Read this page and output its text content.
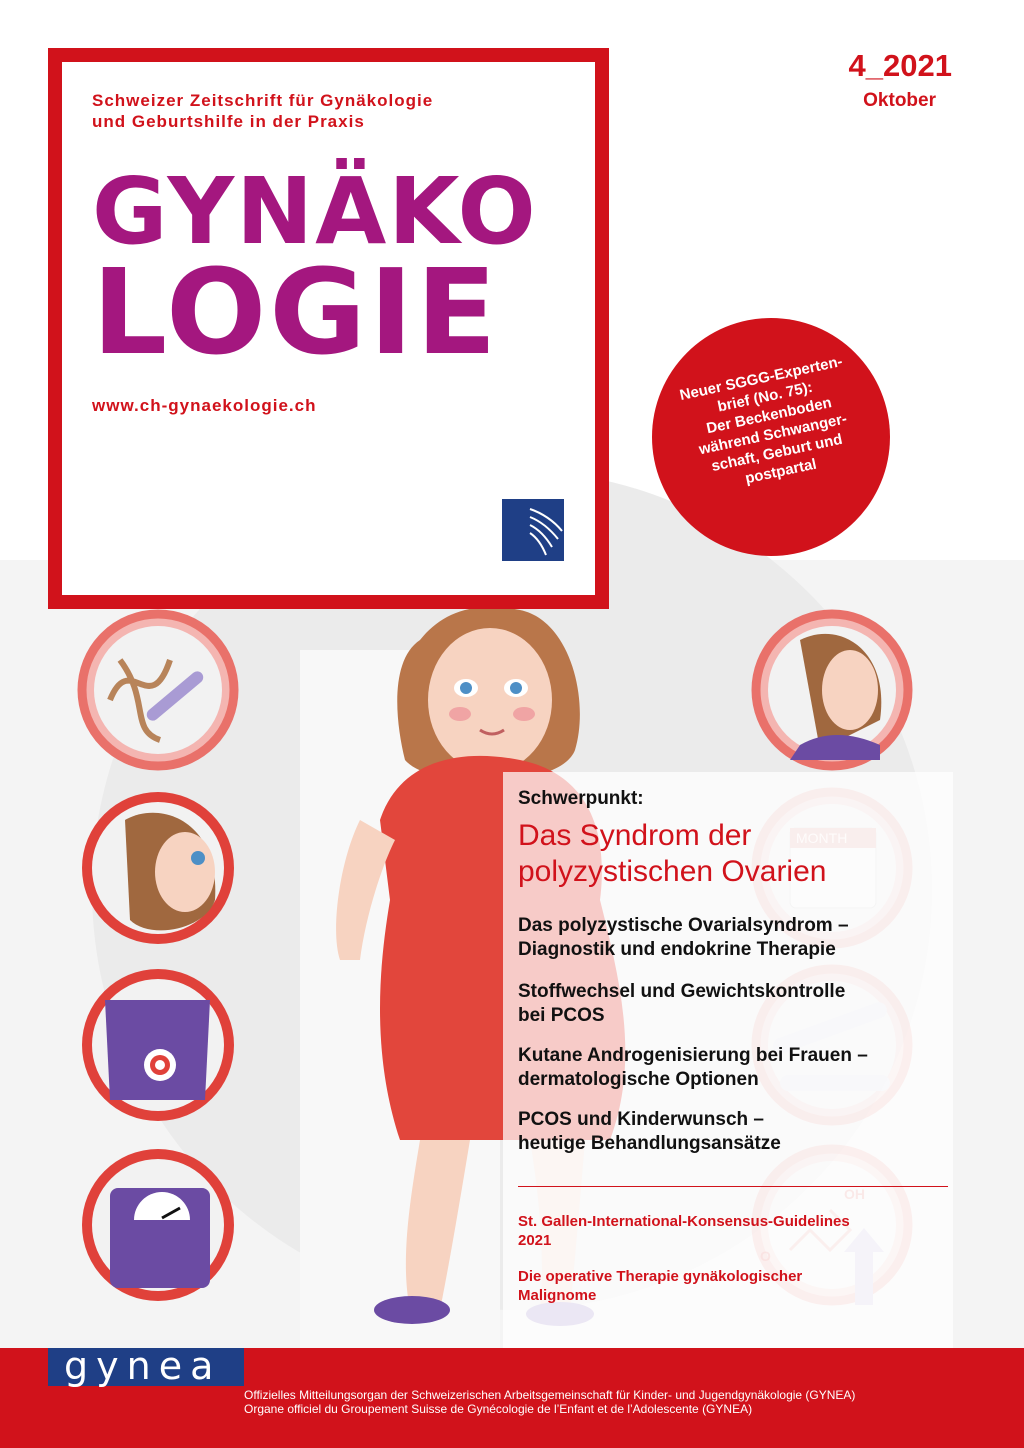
Schweizer Zeitschrift für Gynäkologie
und Geburtshilfe in der Praxis
GYNÄKO
LOGIE
www.ch-gynaekologie.ch
4_2021
Oktober
Neuer SGGG-Experten-
brief (No. 75):
Der Beckenboden
während Schwanger-
schaft, Geburt und
postpartal
Schwerpunkt:
Das Syndrom der
polyzystischen Ovarien
Das polyzystische Ovarialsyndrom –
Diagnostik und endokrine Therapie
Stoffwechsel und Gewichtskontrolle
bei PCOS
Kutane Androgenisierung bei Frauen –
dermatologische Optionen
PCOS und Kinderwunsch –
heutige Behandlungsansätze
St. Gallen-International-Konsensus-Guidelines
2021
Die operative Therapie gynäkologischer
Malignome
gynea
Offizielles Mitteilungsorgan der Schweizerischen Arbeitsgemeinschaft für Kinder- und Jugendgynäkologie (GYNEA)
Organe officiel du Groupement Suisse de Gynécologie de l’Enfant et de l’Adolescente (GYNEA)
